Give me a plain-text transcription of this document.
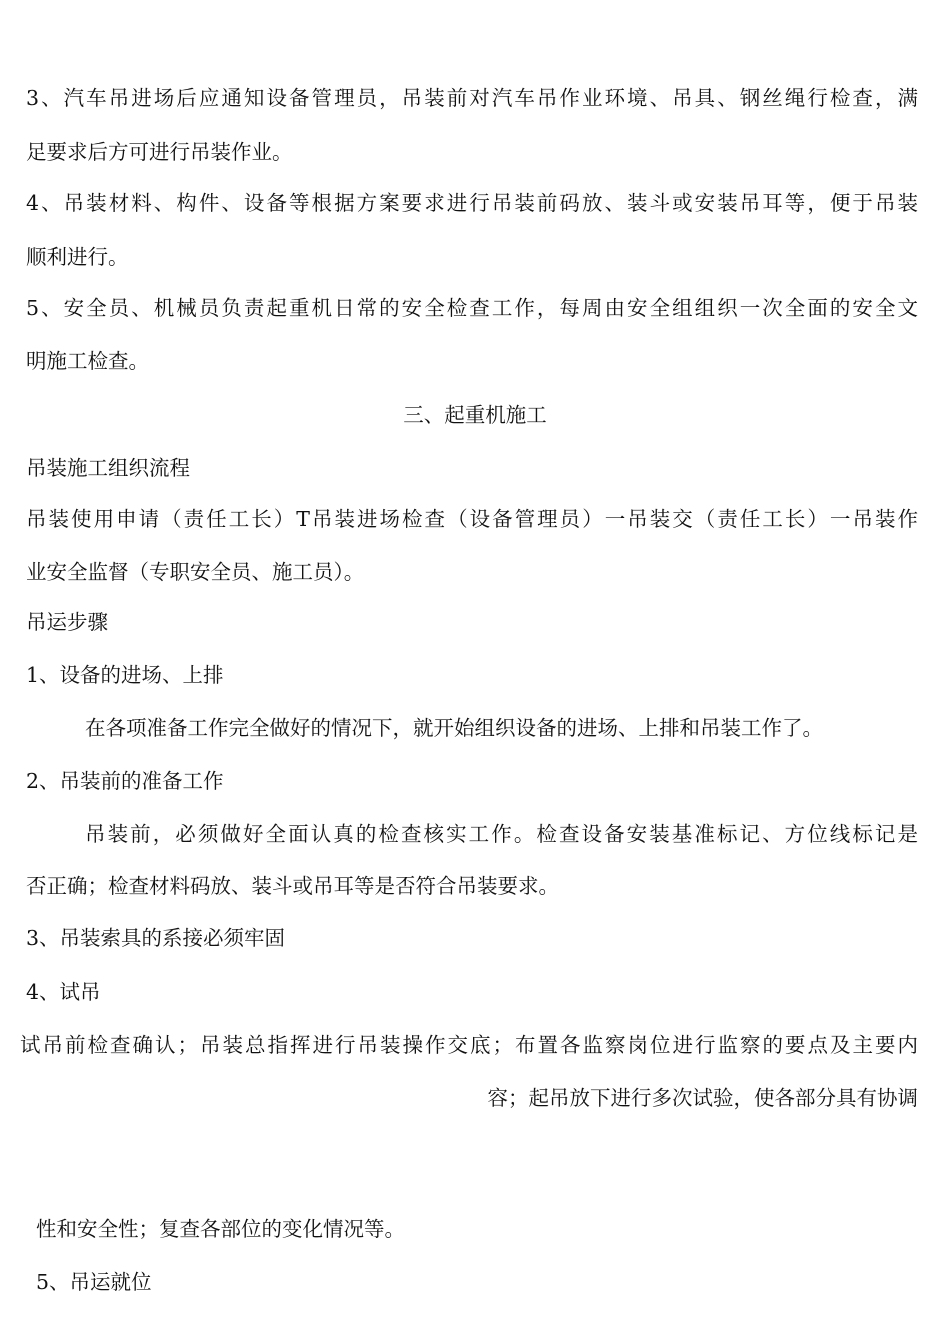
3、汽车吊进场后应通知设备管理员，吊装前对汽车吊作业环境、吊具、钢丝绳行检查，满
足要求后方可进行吊装作业。
4、吊装材料、构件、设备等根据方案要求进行吊装前码放、装斗或安装吊耳等，便于吊装
顺利进行。
5、安全员、机械员负责起重机日常的安全检查工作，每周由安全组组织一次全面的安全文
明施工检查。
三、起重机施工
吊装施工组织流程
吊装使用申请（责任工长）T吊装进场检查（设备管理员）一吊装交（责任工长）一吊装作
业安全监督（专职安全员、施工员）。
吊运步骤
1、设备的进场、上排
在各项准备工作完全做好的情况下，就开始组织设备的进场、上排和吊装工作了。
2、吊装前的准备工作
吊装前，必须做好全面认真的检查核实工作。检查设备安装基准标记、方位线标记是
否正确；检查材料码放、装斗或吊耳等是否符合吊装要求。
3、吊装索具的系接必须牢固
4、试吊
试吊前检查确认；吊装总指挥进行吊装操作交底；布置各监察岗位进行监察的要点及主要内
容；起吊放下进行多次试验，使各部分具有协调
性和安全性；复查各部位的变化情况等。
5、吊运就位
